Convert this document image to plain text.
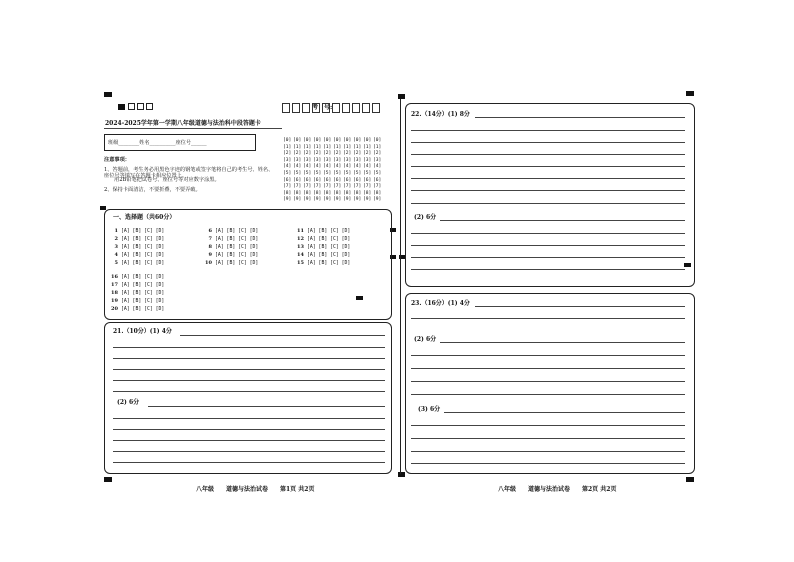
考　号:
2024-2025学年第一学期八年级道德与法治科中段答题卡
班级________姓名__________座位号______
注意事项：
1、答题前，考生务必用黑色字迹的钢笔或签字笔将自己的考生号、姓名、座位号等填写在答题卡相应位置上。
用2B铅笔把试卷号、座位号等对应数字涂黑。
2、保持卡面清洁，不要折叠，不要弄破。
[0] [0] [0] [0] [0] [0] [0] [0] [0] [0]
[1] [1] [1] [1] [1] [1] [1] [1] [1] [1]
[2] [2] [2] [2] [2] [2] [2] [2] [2] [2]
[3] [3] [3] [3] [3] [3] [3] [3] [3] [3]
[4] [4] [4] [4] [4] [4] [4] [4] [4] [4]
[5] [5] [5] [5] [5] [5] [5] [5] [5] [5]
[6] [6] [6] [6] [6] [6] [6] [6] [6] [6]
[7] [7] [7] [7] [7] [7] [7] [7] [7] [7]
[8] [8] [8] [8] [8] [8] [8] [8] [8] [8]
[9] [9] [9] [9] [9] [9] [9] [9] [9] [9]
一、选择题（共60分）
1 [A] [B] [C] [D]
2 [A] [B] [C] [D]
3 [A] [B] [C] [D]
4 [A] [B] [C] [D]
5 [A] [B] [C] [D]
6 [A] [B] [C] [D]
7 [A] [B] [C] [D]
8 [A] [B] [C] [D]
9 [A] [B] [C] [D]
10 [A] [B] [C] [D]
11 [A] [B] [C] [D]
12 [A] [B] [C] [D]
13 [A] [B] [C] [D]
14 [A] [B] [C] [D]
15 [A] [B] [C] [D]
16 [A] [B] [C] [D]
17 [A] [B] [C] [D]
18 [A] [B] [C] [D]
19 [A] [B] [C] [D]
20 [A] [B] [C] [D]
21.（10分）(1) 4分
(2) 6分
22.（14分）(1) 8分
(2) 6分
23.（16分）(1) 4分
(2) 6分
(3) 6分
八年级　　道德与法治试卷　　第1页 共2页	八年级　　道德与法治试卷　　第2页 共2页
